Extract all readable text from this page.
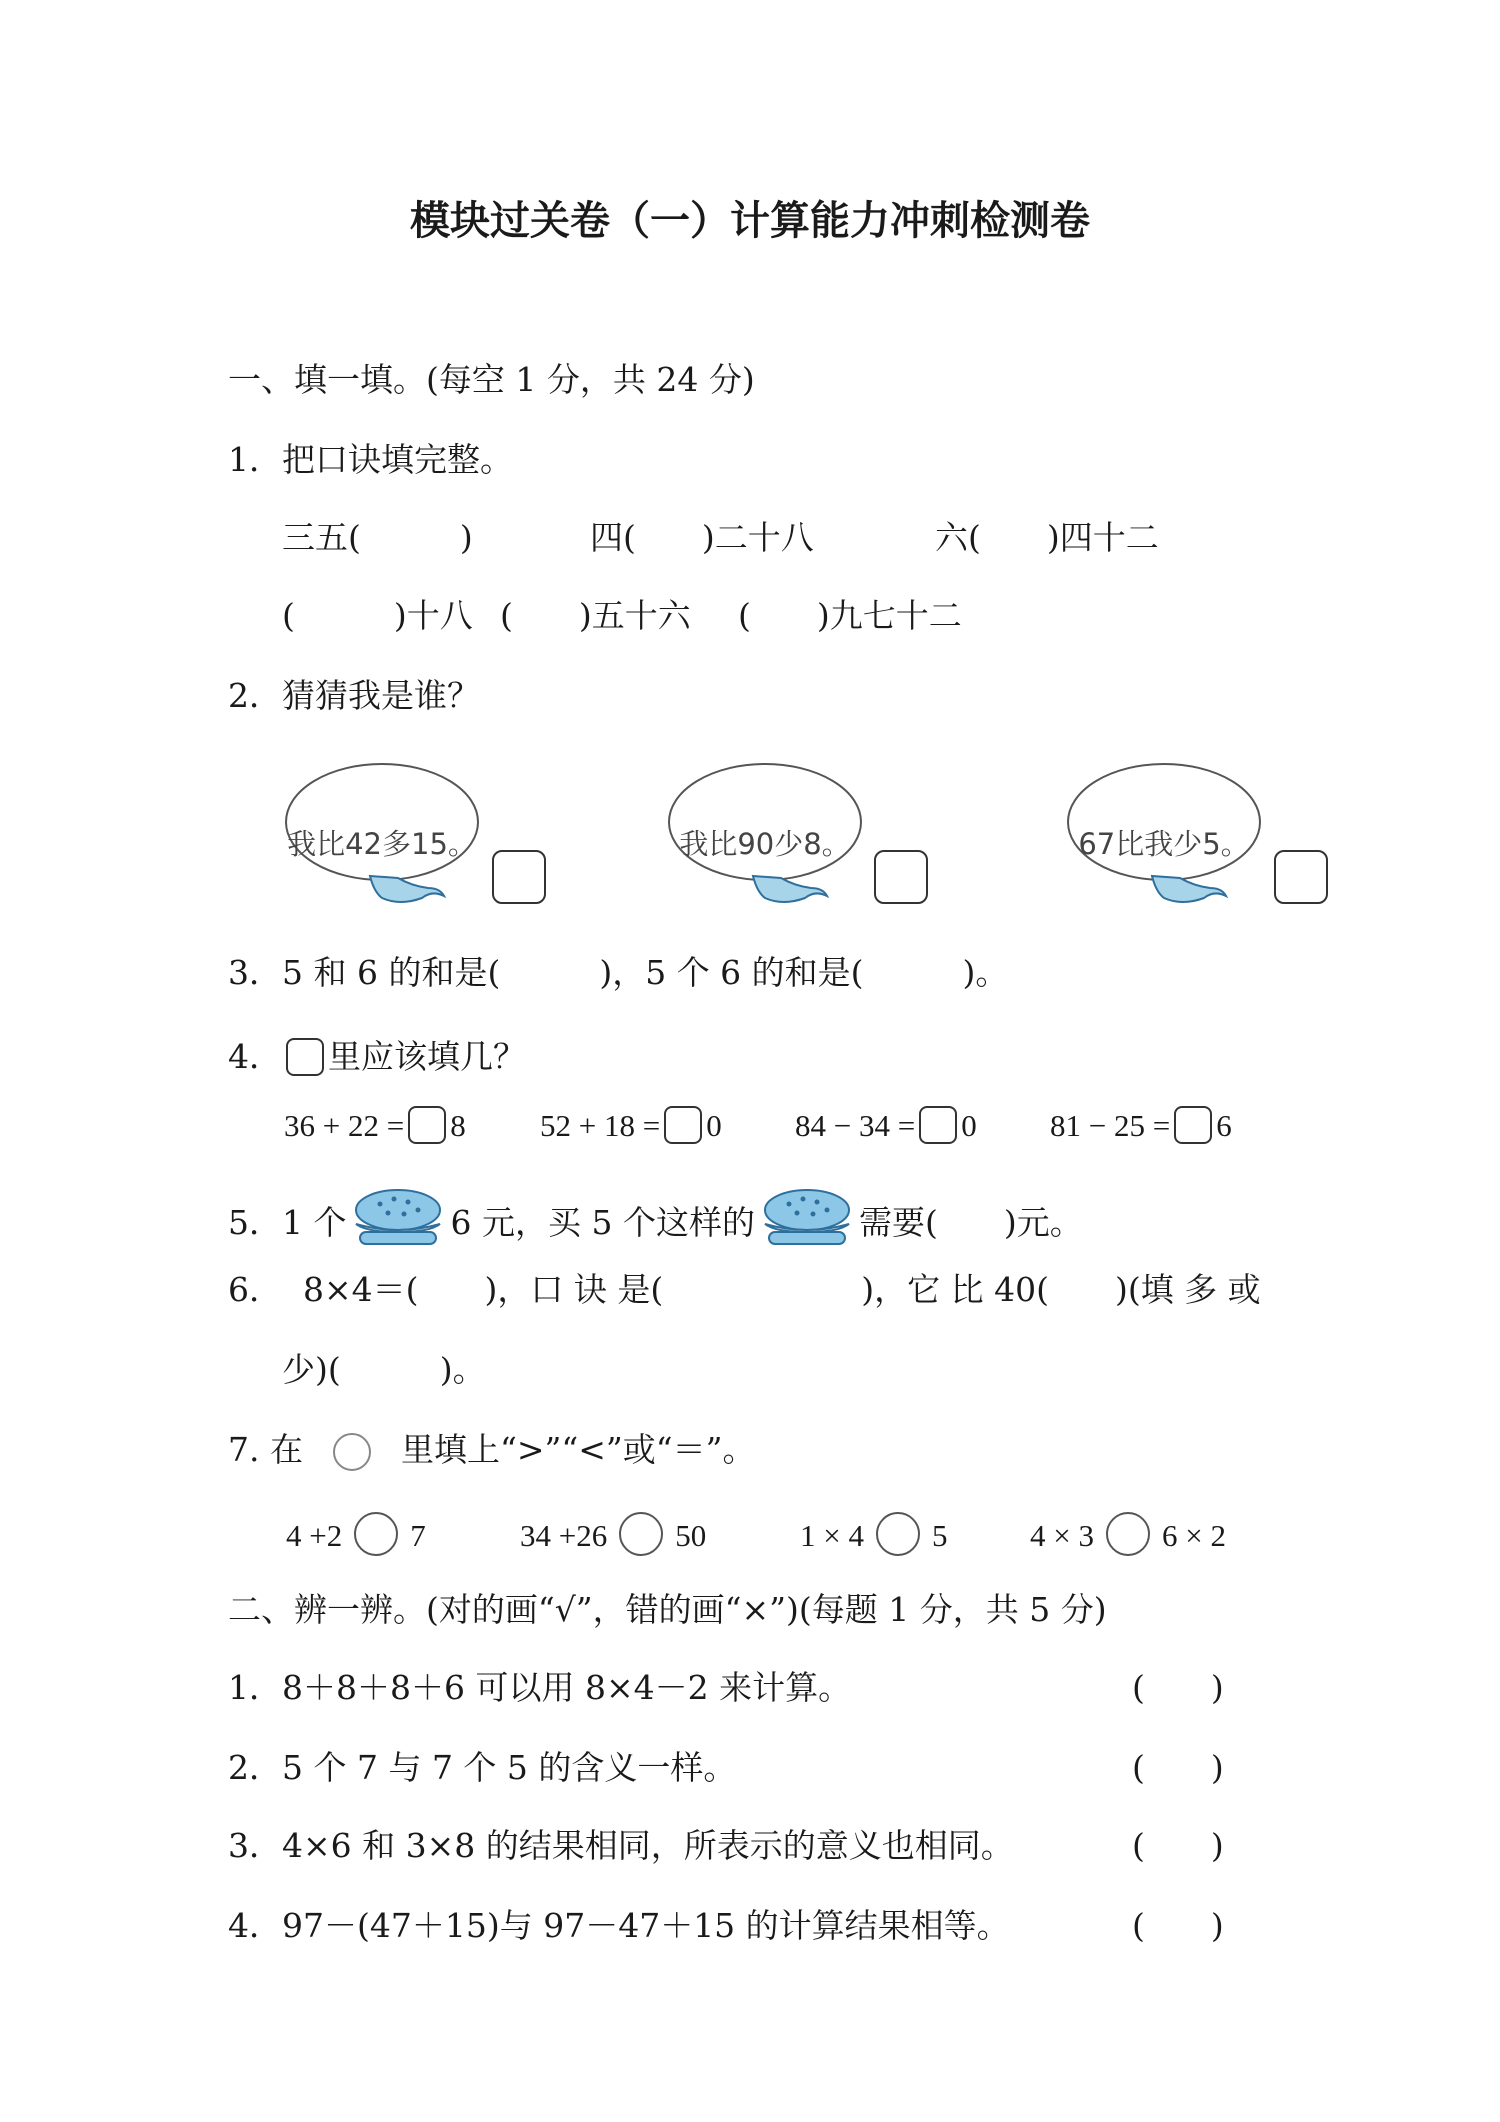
模块过关卷（一）计算能力冲刺检测卷
一、填一填。(每空 1 分，共 24 分)
1．把口诀填完整。
三五(　　　)	四(　　)二十八	六(　　)四十二
(　　　)十八 (　　)五十六 (　　)九七十二
2．猜猜我是谁？
我比42多15。	我比90少8。	67比我少5。
3．5 和 6 的和是(　　　)，5 个 6 的和是(　　　)。
4． 里应该填几？
36 + 22 = 8 52 + 18 = 0 84 − 34 = 0 81 − 25 = 6
5．1 个	6 元，买 5 个这样的	需要(　　)元。
6．  8×4＝(　　)，口 诀 是(　　　　　　)，它 比 40(　　)(填 多 或
少)(　　　)。
7. 在	里填上“>”“<”或“＝”。
4 +2 7	34 +26 50	1 × 4 5	4 × 3 6 × 2
二、辨一辨。(对的画“√”，错的画“×”)(每题 1 分，共 5 分)
1．8＋8＋8＋6 可以用 8×4－2 来计算。	(　　)
2．5 个 7 与 7 个 5 的含义一样。	(　　)
3．4×6 和 3×8 的结果相同，所表示的意义也相同。	(　　)
4．97－(47＋15)与 97－47＋15 的计算结果相等。	(　　)
